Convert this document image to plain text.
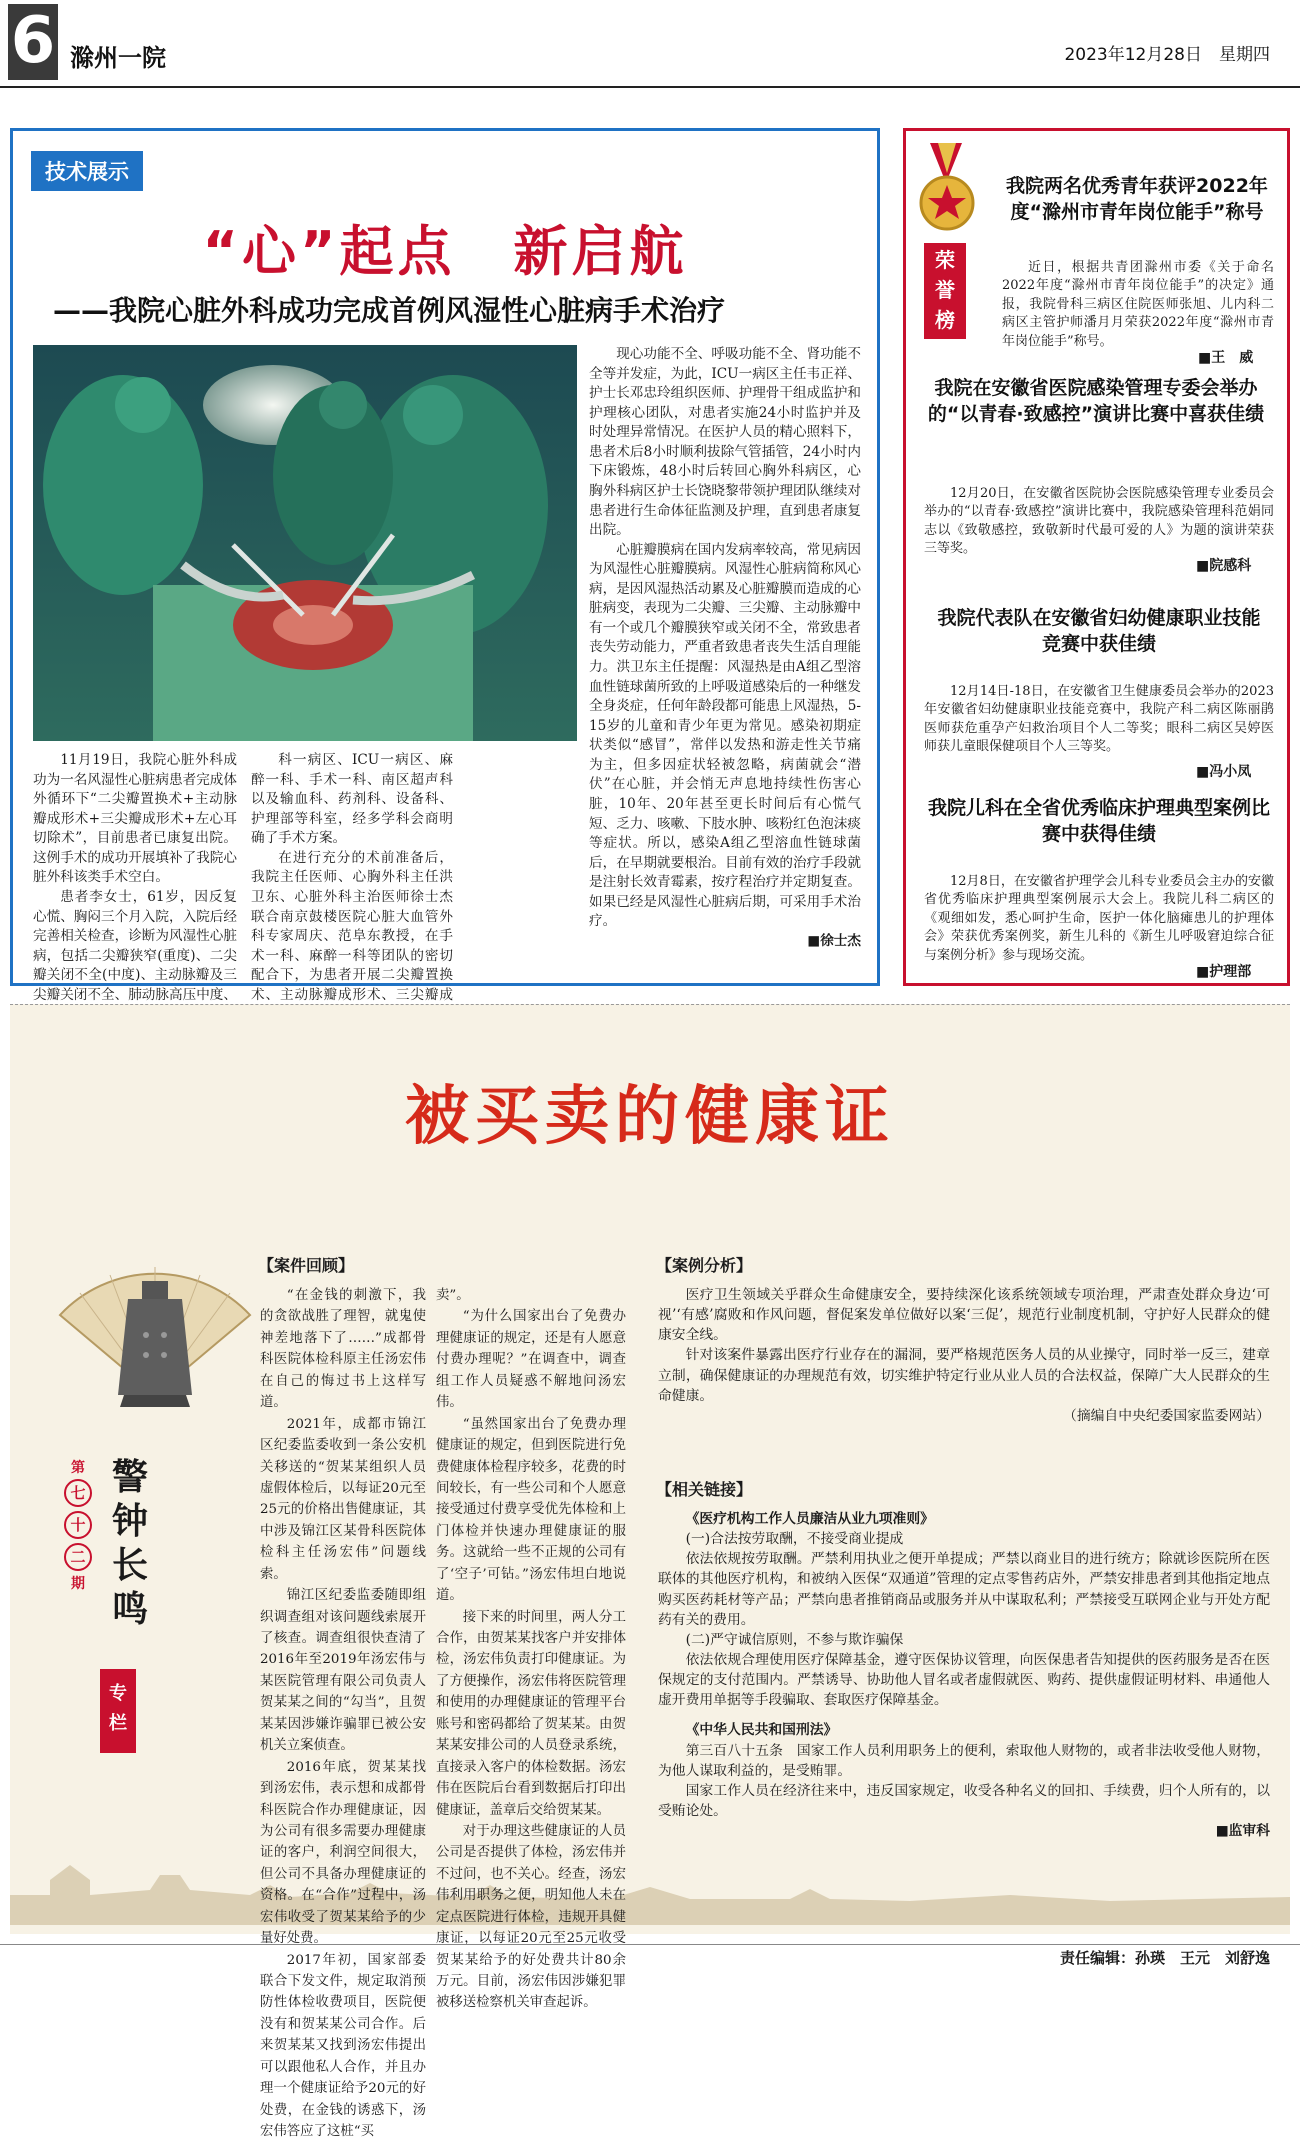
6 滁州一院	2023年12月28日　星期四
技术展示
“心”起点　新启航
——我院心脏外科成功完成首例风湿性心脏病手术治疗

11月19日，我院心脏外科成功为一名风湿性心脏病患者完成体外循环下“二尖瓣置换术+主动脉瓣成形术+三尖瓣成形术+左心耳切除术”，目前患者已康复出院。这例手术的成功开展填补了我院心脏外科该类手术空白。

患者李女士，61岁，因反复心慌、胸闷三个月入院，入院后经完善相关检查，诊断为风湿性心脏病，包括二尖瓣狭窄(重度)、二尖瓣关闭不全(中度)、主动脉瓣及三尖瓣关闭不全、肺动脉高压中度、

科一病区、ICU一病区、麻醉一科、手术一科、南区超声科以及输血科、药剂科、设备科、护理部等科室，经多学科会商明确了手术方案。

在进行充分的术前准备后，我院主任医师、心胸外科主任洪卫东、心脏外科主治医师徐士杰联合南京鼓楼医院心脏大血管外科专家周庆、范阜东教授，在手术一科、麻醉一科等团队的密切配合下，为患者开展二尖瓣置换术、主动脉瓣成形术、三尖瓣成

现心功能不全、呼吸功能不全、肾功能不全等并发症，为此，ICU一病区主任韦正祥、护士长邓忠玲组织医师、护理骨干组成监护和护理核心团队，对患者实施24小时监护并及时处理异常情况。在医护人员的精心照料下，患者术后8小时顺利拔除气管插管，24小时内下床锻炼，48小时后转回心胸外科病区，心胸外科病区护士长饶晓黎带领护理团队继续对患者进行生命体征监测及护理，直到患者康复出院。

心脏瓣膜病在国内发病率较高，常见病因为风湿性心脏瓣膜病。风湿性心脏病简称风心病，是因风湿热活动累及心脏瓣膜而造成的心脏病变，表现为二尖瓣、三尖瓣、主动脉瓣中有一个或几个瓣膜狭窄或关闭不全，常致患者丧失劳动能力，严重者致患者丧失生活自理能力。洪卫东主任提醒：风湿热是由A组乙型溶血性链球菌所致的上呼吸道感染后的一种继发全身炎症，任何年龄段都可能患上风湿热，5-15岁的儿童和青少年更为常见。感染初期症状类似“感冒”，常伴以发热和游走性关节痛为主，但多因症状轻被忽略，病菌就会“潜伏”在心脏，并会悄无声息地持续性伤害心脏，10年、20年甚至更长时间后有心慌气短、乏力、咳嗽、下肢水肿、咳粉红色泡沫痰等症状。所以，感染A组乙型溶血性链球菌后，在早期就要根治。目前有效的治疗手段就是注射长效青霉素，按疗程治疗并定期复查。如果已经是风湿性心脏病后期，可采用手术治疗。

■徐士杰
荣
誉
榜
我院两名优秀青年获评2022年度“滁州市青年岗位能手”称号
近日，根据共青团滁州市委《关于命名2022年度“滁州市青年岗位能手”的决定》通报，我院骨科三病区住院医师张旭、儿内科二病区主管护师潘月月荣获2022年度“滁州市青年岗位能手”称号。
■王　威
我院在安徽省医院感染管理专委会举办的“以青春·致感控”演讲比赛中喜获佳绩
12月20日，在安徽省医院协会医院感染管理专业委员会举办的“以青春·致感控”演讲比赛中，我院感染管理科范娟同志以《致敬感控，致敬新时代最可爱的人》为题的演讲荣获三等奖。
■院感科
我院代表队在安徽省妇幼健康职业技能竞赛中获佳绩
12月14日-18日，在安徽省卫生健康委员会举办的2023年安徽省妇幼健康职业技能竞赛中，我院产科二病区陈丽鹃医师获危重孕产妇救治项目个人二等奖；眼科二病区吴婷医师获儿童眼保健项目个人三等奖。
■冯小凤
我院儿科在全省优秀临床护理典型案例比赛中获得佳绩
12月8日，在安徽省护理学会儿科专业委员会主办的安徽省优秀临床护理典型案例展示大会上。我院儿科二病区的《观细如发，悉心呵护生命，医护一体化脑瘫患儿的护理体会》荣获优秀案例奖，新生儿科的《新生儿呼吸窘迫综合征与案例分析》参与现场交流。
■护理部
被买卖的健康证
警
钟
长
鸣
第
七 十 二
期
专
栏
【案件回顾】

“在金钱的刺激下，我的贪欲战胜了理智，就鬼使神差地落下了……”成都骨科医院体检科原主任汤宏伟在自己的悔过书上这样写道。

2021年，成都市锦江区纪委监委收到一条公安机关移送的“贺某某组织人员虚假体检后，以每证20元至25元的价格出售健康证，其中涉及锦江区某骨科医院体检科主任汤宏伟”问题线索。

锦江区纪委监委随即组织调查组对该问题线索展开了核查。调查组很快查清了2016年至2019年汤宏伟与某医院管理有限公司负责人贺某某之间的“勾当”，且贺某某因涉嫌诈骗罪已被公安机关立案侦查。

2016年底，贺某某找到汤宏伟，表示想和成都骨科医院合作办理健康证，因为公司有很多需要办理健康证的客户，利润空间很大，但公司不具备办理健康证的资格。在“合作”过程中，汤宏伟收受了贺某某给予的少量好处费。

2017年初，国家部委联合下发文件，规定取消预防性体检收费项目，医院便没有和贺某某公司合作。后来贺某某又找到汤宏伟提出可以跟他私人合作，并且办理一个健康证给予20元的好处费，在金钱的诱惑下，汤宏伟答应了这桩“买

卖”。

“为什么国家出台了免费办理健康证的规定，还是有人愿意付费办理呢？”在调查中，调查组工作人员疑惑不解地问汤宏伟。

“虽然国家出台了免费办理健康证的规定，但到医院进行免费健康体检程序较多，花费的时间较长，有一些公司和个人愿意接受通过付费享受优先体检和上门体检并快速办理健康证的服务。这就给一些不正规的公司有了‘空子’可钻。”汤宏伟坦白地说道。

接下来的时间里，两人分工合作，由贺某某找客户并安排体检，汤宏伟负责打印健康证。为了方便操作，汤宏伟将医院管理和使用的办理健康证的管理平台账号和密码都给了贺某某。由贺某某安排公司的人员登录系统，直接录入客户的体检数据。汤宏伟在医院后台看到数据后打印出健康证，盖章后交给贺某某。

对于办理这些健康证的人员公司是否提供了体检，汤宏伟并不过问，也不关心。经查，汤宏伟利用职务之便，明知他人未在定点医院进行体检，违规开具健康证，以每证20元至25元收受贺某某给予的好处费共计80余万元。目前，汤宏伟因涉嫌犯罪被移送检察机关审查起诉。

【案例分析】

医疗卫生领域关乎群众生命健康安全，要持续深化该系统领域专项治理，严肃查处群众身边‘可视’‘有感’腐败和作风问题，督促案发单位做好以案‘三促’，规范行业制度机制，守护好人民群众的健康安全线。

针对该案件暴露出医疗行业存在的漏洞，要严格规范医务人员的从业操守，同时举一反三，建章立制，确保健康证的办理规范有效，切实维护特定行业从业人员的合法权益，保障广大人民群众的生命健康。

（摘编自中央纪委国家监委网站）
【相关链接】

《医疗机构工作人员廉洁从业九项准则》

(一)合法按劳取酬，不接受商业提成

依法依规按劳取酬。严禁利用执业之便开单提成；严禁以商业目的进行统方；除就诊医院所在医联体的其他医疗机构，和被纳入医保“双通道”管理的定点零售药店外，严禁安排患者到其他指定地点购买医药耗材等产品；严禁向患者推销商品或服务并从中谋取私利；严禁接受互联网企业与开处方配药有关的费用。

(二)严守诚信原则，不参与欺诈骗保

依法依规合理使用医疗保障基金，遵守医保协议管理，向医保患者告知提供的医药服务是否在医保规定的支付范围内。严禁诱导、协助他人冒名或者虚假就医、购药、提供虚假证明材料、串通他人虚开费用单据等手段骗取、套取医疗保障基金。

《中华人民共和国刑法》

第三百八十五条　国家工作人员利用职务上的便利，索取他人财物的，或者非法收受他人财物，为他人谋取利益的，是受贿罪。

国家工作人员在经济往来中，违反国家规定，收受各种名义的回扣、手续费，归个人所有的，以受贿论处。

■监审科
责任编辑：孙瑛　王元　刘舒逸
